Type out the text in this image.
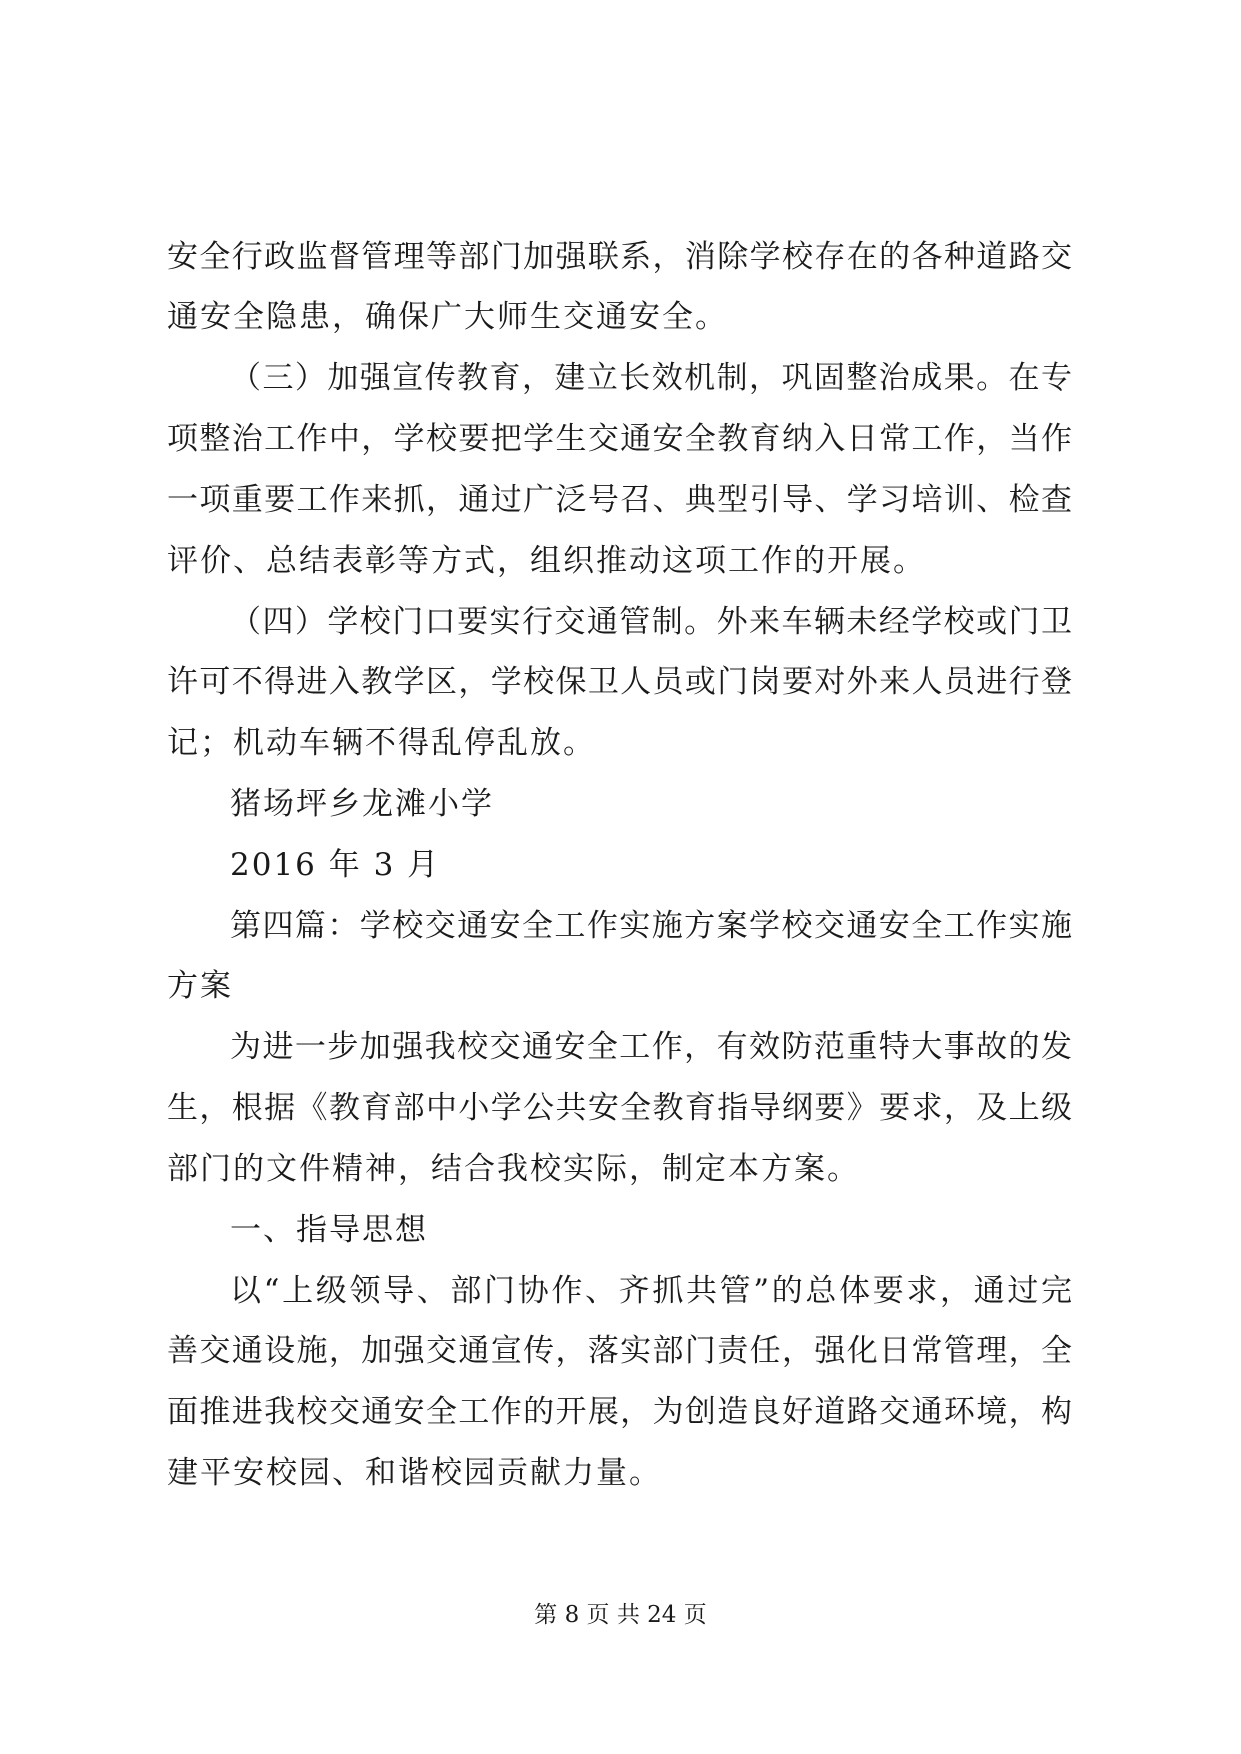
安全行政监督管理等部门加强联系，消除学校存在的各种道路交
通安全隐患，确保广大师生交通安全。
（三）加强宣传教育，建立长效机制，巩固整治成果。在专
项整治工作中，学校要把学生交通安全教育纳入日常工作，当作
一项重要工作来抓，通过广泛号召、典型引导、学习培训、检查
评价、总结表彰等方式，组织推动这项工作的开展。
（四）学校门口要实行交通管制。外来车辆未经学校或门卫
许可不得进入教学区，学校保卫人员或门岗要对外来人员进行登
记；机动车辆不得乱停乱放。
猪场坪乡龙滩小学
2016 年 3 月
第四篇：学校交通安全工作实施方案学校交通安全工作实施
方案
为进一步加强我校交通安全工作，有效防范重特大事故的发
生，根据《教育部中小学公共安全教育指导纲要》要求，及上级
部门的文件精神，结合我校实际，制定本方案。
一、指导思想
以“上级领导、部门协作、齐抓共管”的总体要求，通过完
善交通设施，加强交通宣传，落实部门责任，强化日常管理，全
面推进我校交通安全工作的开展，为创造良好道路交通环境，构
建平安校园、和谐校园贡献力量。
第 8 页 共 24 页
